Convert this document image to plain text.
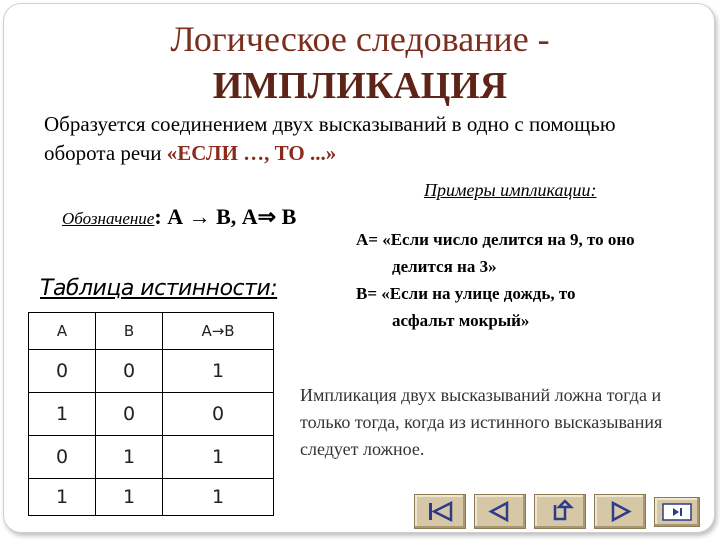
Логическое следование -
ИМПЛИКАЦИЯ
Образуется соединением двух высказываний в одно с помощью оборота речи «ЕСЛИ …, ТО ...»
Примеры импликации:
Обозначение: А → В, А⇒ В
А= «Если число делится на 9, то оно
делится на 3»
В= «Если на улице дождь, то
асфальт мокрый»
Таблица истинности:
A	B	A→B
0	0	1
1	0	0
0	1	1
1	1	1
Импликация двух высказываний ложна тогда и только тогда, когда из истинного высказывания следует ложное.
